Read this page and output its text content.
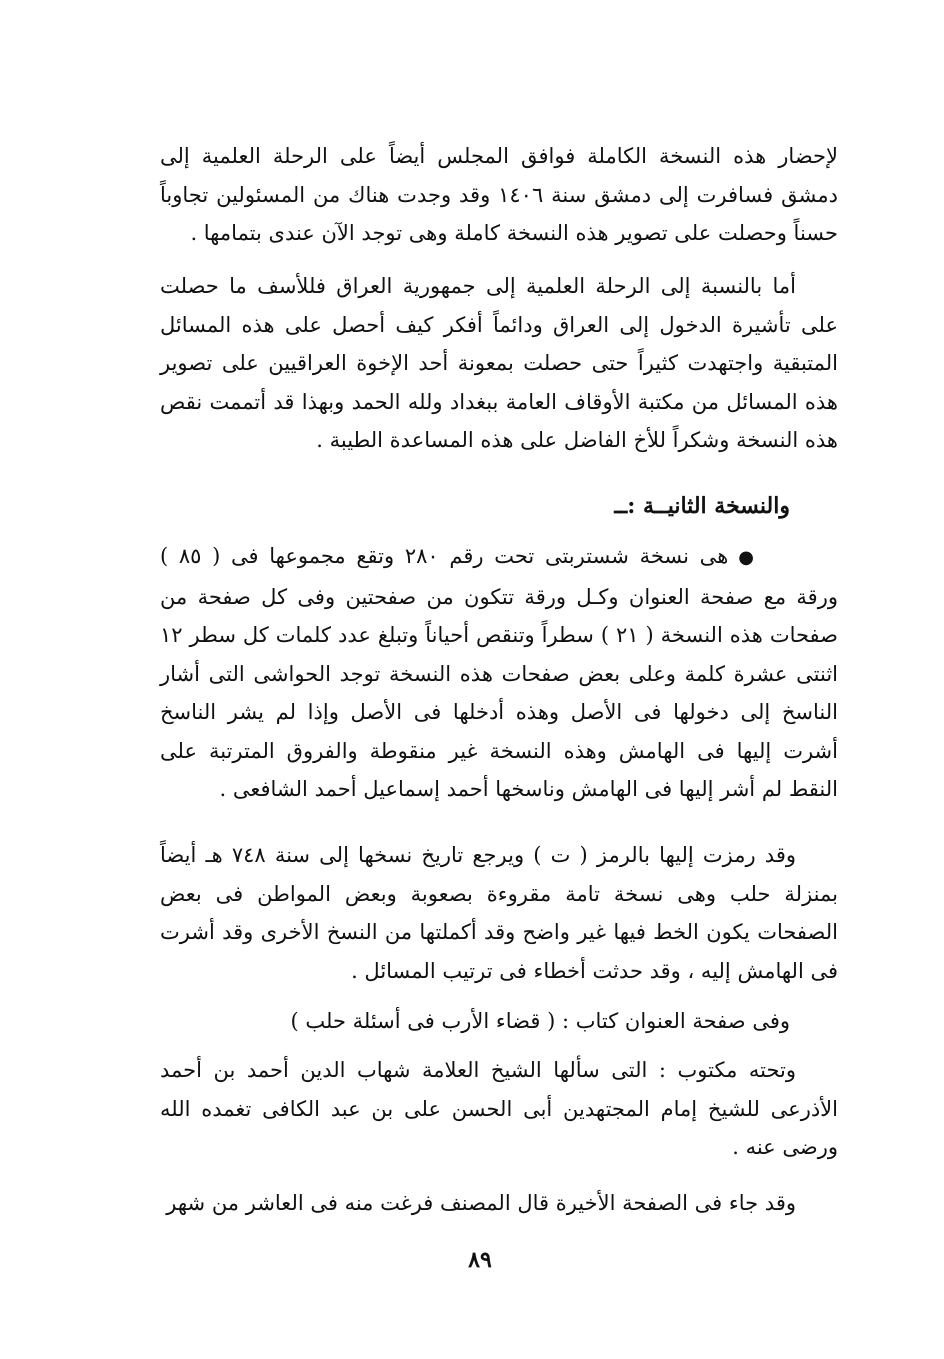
لإحضار هذه النسخة الكاملة فوافق المجلس أيضاً على الرحلة العلمية إلى دمشق فسافرت إلى دمشق سنة ١٤٠٦ وقد وجدت هناك من المسئولين تجاوباً حسناً وحصلت على تصوير هذه النسخة كاملة وهى توجد الآن عندى بتمامها .

أما بالنسبة إلى الرحلة العلمية إلى جمهورية العراق فللأسف ما حصلت على تأشيرة الدخول إلى العراق ودائماً أفكر كيف أحصل على هذه المسائل المتبقية واجتهدت كثيراً حتى حصلت بمعونة أحد الإخوة العراقيين على تصوير هذه المسائل من مكتبة الأوقاف العامة ببغداد ولله الحمد وبهذا قد أتممت نقص هذه النسخة وشكراً للأخ الفاضل على هذه المساعدة الطيبة .

والنسخة الثانيــة :ــ

●هى نسخة شستربتى تحت رقم ٢٨٠ وتقع مجموعها فى ( ٨٥ ) ورقة مع صفحة العنوان وكـل ورقة تتكون من صفحتين وفى كل صفحة من صفحات هذه النسخة ( ٢١ ) سطراً وتنقص أحياناً وتبلغ عدد كلمات كل سطر ١٢ اثنتى عشرة كلمة وعلى بعض صفحات هذه النسخة توجد الحواشى التى أشار الناسخ إلى دخولها فى الأصل وهذه أدخلها فى الأصل وإذا لم يشر الناسخ أشرت إليها فى الهامش وهذه النسخة غير منقوطة والفروق المترتبة على النقط لم أشر إليها فى الهامش وناسخها أحمد إسماعيل أحمد الشافعى .

وقد رمزت إليها بالرمز ( ت ) ويرجع تاريخ نسخها إلى سنة ٧٤٨ هـ أيضاً بمنزلة حلب وهى نسخة تامة مقروءة بصعوبة وبعض المواطن فى بعض الصفحات يكون الخط فيها غير واضح وقد أكملتها من النسخ الأخرى وقد أشرت فى الهامش إليه ، وقد حدثت أخطاء فى ترتيب المسائل .

وفى صفحة العنوان كتاب : ( قضاء الأرب فى أسئلة حلب )

وتحته مكتوب : التى سألها الشيخ العلامة شهاب الدين أحمد بن أحمد الأذرعى للشيخ إمام المجتهدين أبى الحسن على بن عبد الكافى تغمده الله ورضى عنه .

وقد جاء فى الصفحة الأخيرة قال المصنف فرغت منه فى العاشر من شهر

٨٩
